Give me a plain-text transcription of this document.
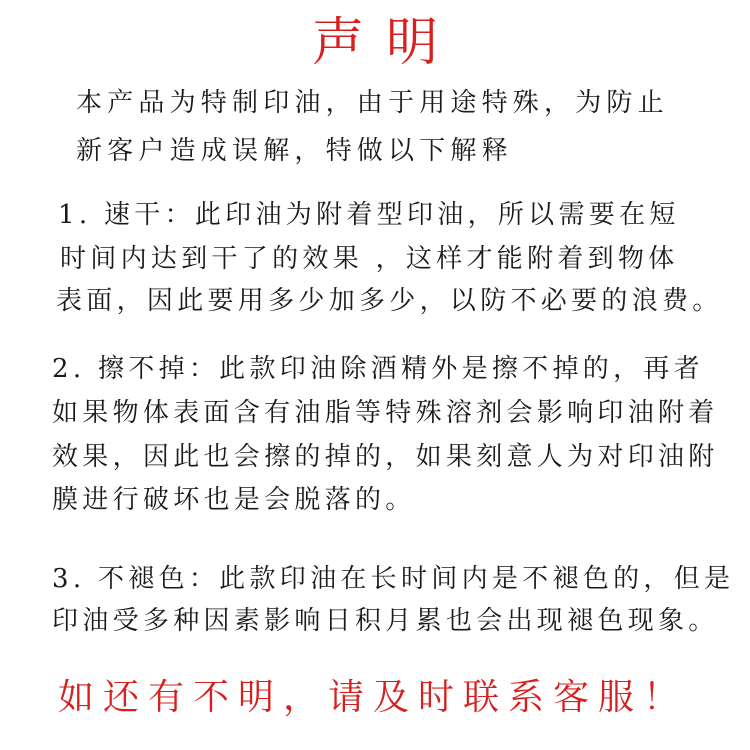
声明
本产品为特制印油，由于用途特殊，为防止
新客户造成误解，特做以下解释
1. 速干：此印油为附着型印油，所以需要在短
时间内达到干了的效果 ，这样才能附着到物体
表面，因此要用多少加多少，以防不必要的浪费。
2. 擦不掉：此款印油除酒精外是擦不掉的，再者
如果物体表面含有油脂等特殊溶剂会影响印油附着
效果，因此也会擦的掉的，如果刻意人为对印油附
膜进行破坏也是会脱落的。
3. 不褪色：此款印油在长时间内是不褪色的，但是
印油受多种因素影响日积月累也会出现褪色现象。
如还有不明，请及时联系客服！
